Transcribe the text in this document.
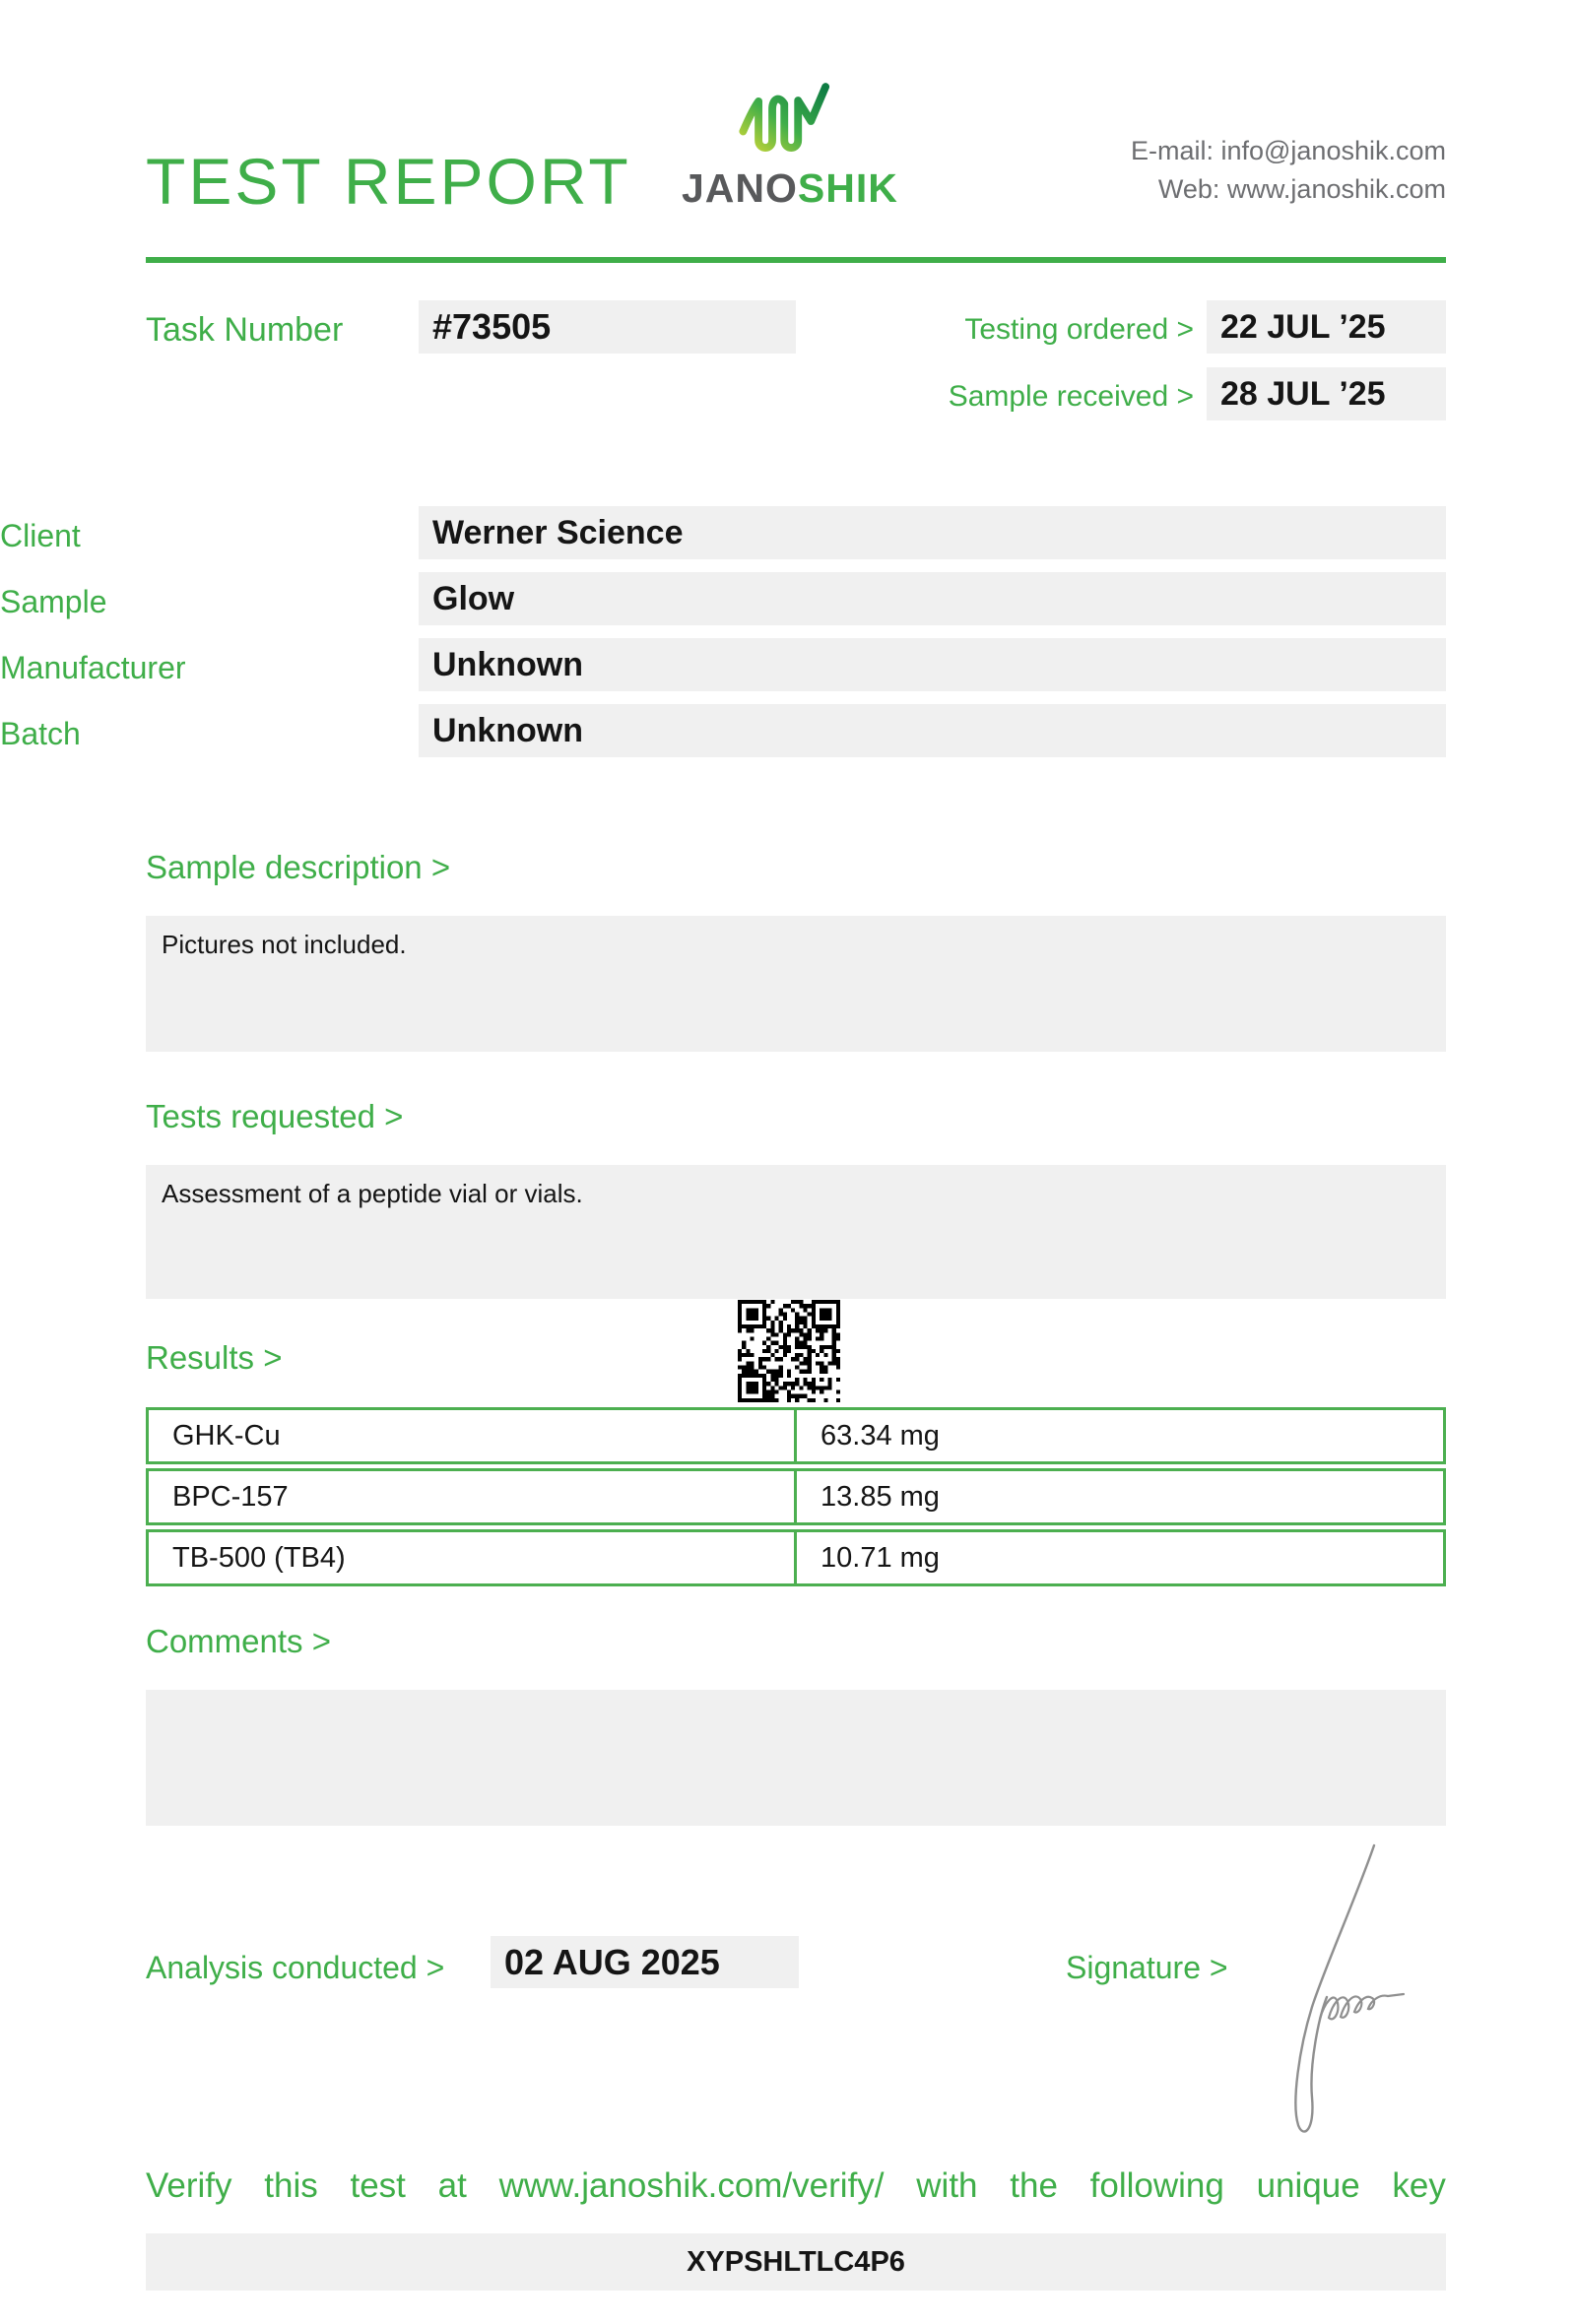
TEST REPORT JANOSHIK
E-mail: info@janoshik.com
Web: www.janoshik.com
Task Number	#73505	Testing ordered > 22 JUL ’25
Sample received > 28 JUL ’25
Client	Werner Science
Sample	Glow
Manufacturer	Unknown
Batch	Unknown
Sample description >
Pictures not included.
Tests requested >
Assessment of a peptide vial or vials.
Results >
GHK-Cu	63.34 mg
BPC-157	13.85 mg
TB-500 (TB4)	10.71 mg
Comments >
Analysis conducted >	02 AUG 2025	Signature >
Verify this test at www.janoshik.com/verify/ with the following unique key
XYPSHLTLC4P6
